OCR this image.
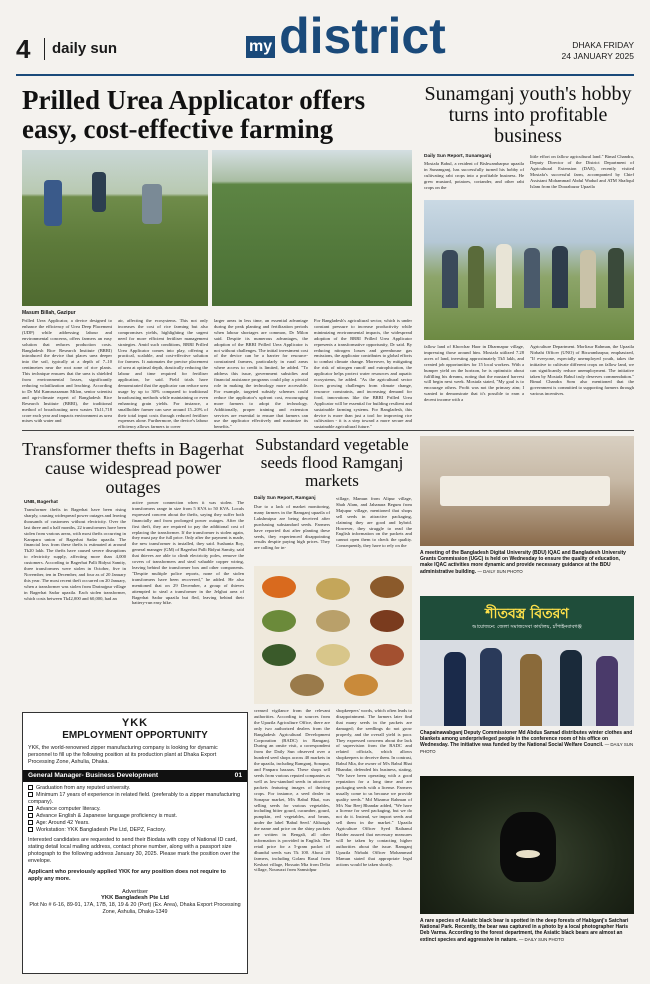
4 daily sun	my district	DHAKA FRIDAY
24 JANUARY 2025
Prilled Urea Applicator offers easy, cost-effective farming
Masum Billah, Gazipur
Prilled Urea Applicator, a device designed to enhance the efficiency of Urea Deep Placement (UDP) while addressing labour and environmental concerns, offers farmers an easy solution that reduces production costs. Bangladesh Rice Research Institute (BRRI) introduced the device that places urea deeper into the soil, typically at a depth of 7–10 centimetres near the root zone of rice plants. This technique ensures that the urea is shielded from environmental losses, significantly reducing volatilization and leaching. According to Dr Md Kamruzzaman Milon, senior scientist and agri-climate expert of Bangladesh Rice Research Institute (BRRI), the traditional method of broadcasting urea wastes Tk11,718 crore each year and impacts environment as urea mixes with water and
air, affecting the ecosystems. This not only increases the cost of rice farming but also compromises yields, highlighting the urgent need for more efficient fertiliser management strategies. Amid such conditions, BRRI Prilled Urea Applicator comes into play, offering a practical, scalable, and cost-effective solution for farmers. It automates the precise placement of urea at optimal depth, drastically reducing the labour and time required for fertiliser application, he said. Field trials have demonstrated that the applicator can reduce urea usage by up to 30% compared to traditional broadcasting methods while maintaining or even enhancing grain yields. For instance, a smallholder farmer can save around 15–20% of their total input costs through reduced fertiliser expenses alone. Furthermore, the device's labour efficiency allows farmers to cover
Sunamganj youth's hobby turns into profitable business
Daily Sun Report, Sunamganj
Mostafa Babul, a resident of Bishwambarpur upazila in Sunamganj, has successfully turned his hobby of cultivating rabi crops into a profitable business. He grew mustard, potatoes, coriander, and other rabi crops on the
little effort on fallow agricultural land." Bimal Chandra, Deputy Director of the District Department of Agricultural Extension (DAE), recently visited Mostafa's successful farm, accompanied by Chief Assistant Mohammad Abdul Wadud and ATM Shafiqul Islam from the Doarabazar Upazila
fallow land of Khorchar Haor in Dharmapur village, impressing those around him. Mostafa utilized 7.28 acres of land, investing approximately Tk5 lakh, and created job opportunities for 15 local workers. With a bumper yield on the horizon, he is optimistic about fulfilling his dreams, noting that the mustard harvest will begin next week. Mostafa stated, "My goal is to encourage others. Profit was not the primary aim; I wanted to demonstrate that it's possible to earn a decent income with a
Agriculture Department. Morlizur Rahman, the Upazila Nirbahi Officer (UNO) of Biswambarpur, emphasized, "If everyone, especially unemployed youth, takes the initiative to cultivate different crops on fallow land, we can significantly reduce unemployment. The initiative taken by Mostafa Babul truly deserves commendation." Bimal Chandra Som also mentioned that the government is committed to supporting farmers through various incentives.
Transformer thefts in Bagerhat cause widespread power outages
UNB, Bagerhat
Transformer thefts in Bagerhat have been rising sharply, causing widespread power outages and leaving thousands of customers without electricity. Over the last three and a half months, 22 transformers have been stolen from various areas, with most thefts occurring in Karapara union of Bagerhat Sadar upazila. The financial loss from these thefts is estimated at around Tk20 lakh. The thefts have caused severe disruptions to electricity supply, affecting more than 4,000 customers. According to Bagerhat Palli Bidyut Samity, three transformers were stolen in October, five in November, ten in December, and four as of 20 January this year. The most recent theft occurred on 20 January, when a transformer was stolen from Darinajpur village in Bagerhat Sadar upazila. Each stolen transformer, which costs between Tk42,000 and 60,000, had an
active power connection when it was stolen. The transformers range in size from 5 KVA to 50 KVA. Locals expressed concern about the thefts, saying they suffer both financially and from prolonged power outages. After the first theft, they are required to pay the additional cost of replacing the transformer. If the transformer is stolen again, they must pay the full price. Only after the payment is made, the new transformer is installed, they said. Sushanta Roy, general manager (GM) of Bagerhat Palli Bidyut Samity, said that thieves are able to climb electricity poles, remove the covers of transformers and steal valuable copper wiring, leaving behind the transformer box and other components. "Despite multiple police reports, none of the stolen transformers have been recovered," he added. He also mentioned that on 29 December, a group of thieves attempted to steal a transformer in the Jelghat area of Bagerhat Sadar upazila but fled, leaving behind their battery-run easy bike.
Substandard vegetable seeds flood Ramganj markets
Daily Sun Report, Ramganj
Due to a lack of market monitoring, many farmers in the Ramganj upazila of Lakshmipur are being deceived after purchasing substandard seeds. Farmers have reported that after planting these seeds, they experienced disappointing results despite paying high prices. They are calling for in-
village, Mamun from Alipur village, Shah Alam, and Jahanara Begum from Majupur village, mentioned that shops sell seeds in attractive packaging, claiming they are good and hybrid. However, they struggle to read the English information on the packets and cannot open them to check the quality. Consequently, they have to rely on the
creased vigilance from the relevant authorities. According to sources from the Upazila Agriculture Office, there are only two authorized dealers from the Bangladesh Agricultural Development Corporation (BADC) in Ramganj. During an onsite visit, a correspondent from the Daily Sun observed over a hundred seed shops across 40 markets in the upazila, including Ramganj, Sonapur, and Panpara bazaars. These shops sell seeds from various reputed companies as well as low-standard seeds in attractive packets featuring images of thriving crops. For instance, a seed dealer in Sonapur market, M/s Babul Bhai, was selling seeds for various vegetables, including bitter gourd, cucumber, gourd, pumpkin, red vegetables, and beans, under the label 'Babul Seed.' Although the name and price on the shiny packets are written in Bengali, all other information is provided in English. The retail price for a 5-gram packet of dhundul seeds was Tk 100. About 20 farmers, including Golam Rasul from Keshari village, Hossain Mia from Delta village, Nouruzzi from Samsidpur
shopkeepers' words, which often leads to disappointment. The farmers later find that many seeds in the packets are damaged; the seedlings do not grow properly, and the overall yield is poor. They expressed concerns about the lack of supervision from the BADC and related officials, which allows shopkeepers to deceive them. In contrast, Babul Mia, the owner of M/s Babul Bhai Bhandar, defended his business, stating, "We have been operating with a good reputation for a long time and are packaging seeds with a license. Farmers usually come to us because we provide quality seeds." Md Mizanur Rahman of M/s Nur Beej Bhandar added, "We have a license for seed packaging, but we do not do it. Instead, we import seeds and sell them in the market." Upazila Agriculture Officer Syed Raihanul Haider assured that necessary measures will be taken by contacting higher authorities about the issue. Ramganj Upazila Nirbahi Officer Mohammad Mamun stated that appropriate legal actions would be taken shortly.
A meeting of the Bangladesh Digital University (BDU) IQAC and Bangladesh University Grants Commission (UGC) is held on Wednesday to ensure the quality of education, make IQAC activities more dynamic and provide necessary guidance at the BDU administrative building. — DAILY SUN PHOTO
শীতবস্ত্র বিতরণ
আয়োজনে: জেলা সমাজসেবা কার্যালয়, চাঁপাইনবাবগঞ্জ
Chapainawabganj Deputy Commissioner Md Abdus Samad distributes winter clothes and blankets among underprivileged people in the conference room of his office on Wednesday. The initiative was funded by the National Social Welfare Council. — DAILY SUN PHOTO
A rare species of Asiatic black bear is spotted in the deep forests of Habiganj's Satchari National Park. Recently, the bear was captured in a photo by a local photographer Haris Deb Varma. According to the forest department, the Asiatic black bears are almost an extinct species and aggressive in nature. — DAILY SUN PHOTO
YKK
EMPLOYMENT OPPORTUNITY
YKK, the world-renowned zipper manufacturing company is looking for dynamic personnel to fill up the following position at its production plant at Dhaka Export Processing Zone, Ashulia, Dhaka.
General Manager- Business Development	01
Graduation from any reputed university.
Minimum 17 years of experience in related field. (preferably to a zipper manufacturing company).
Advance computer literacy.
Advance English & Japanese language proficiency is must.
Age: Around 42 Years.
Workstation: YKK Bangladesh Pte Ltd, DEPZ, Factory.
Interested candidates are requested to send their Biodata with copy of National ID card, stating detail local mailing address, contact phone number, along with a passport size photograph to the following address January 30, 2025. Please mark the position over the envelope.
Applicant who previously applied YKK for any position does not require to apply any more.
Advertiser
YKK Bangladesh Pte Ltd
Plot No # 6-16, 89-91, 17A, 17B, 18, 19 & 20 (Port) (Ex. Area), Dhaka Export Processing Zone, Ashulia, Dhaka-1349
larger areas in less time, an essential advantage during the peak planting and fertilization periods when labour shortages are common, Dr Milon said. Despite its numerous advantages, the adoption of the BRRI Prilled Urea Applicator is not without challenges. The initial investment cost of the device can be a barrier for resource-constrained farmers, particularly in rural areas where access to credit is limited, he added. "To address this issue, government subsidies and financial assistance programs could play a pivotal role in making the technology more accessible. For example, targeted subsidy schemes could reduce the applicator's upfront cost, encouraging more farmers to adopt the technology. Additionally, proper training and extension services are essential to ensure that farmers can use the applicator effectively and maximize its benefits."
For Bangladesh's agricultural sector, which is under constant pressure to increase productivity while minimizing environmental impacts, the widespread adoption of the BRRI Prilled Urea Applicator represents a transformative opportunity, Dr said. By reducing nitrogen losses and greenhouse gas emissions, the applicator contributes to global efforts to combat climate change. Moreover, by mitigating the risk of nitrogen runoff and eutrophication, the applicator helps protect water resources and aquatic ecosystems, he added. "As the agricultural sector faces growing challenges from climate change, resource constraints, and increasing demand for food, innovations like the BRRI Prilled Urea Applicator will be essential for building resilient and sustainable farming systems. For Bangladesh, this device is more than just a tool for improving rice cultivation - it is a step toward a more secure and sustainable agricultural future."
